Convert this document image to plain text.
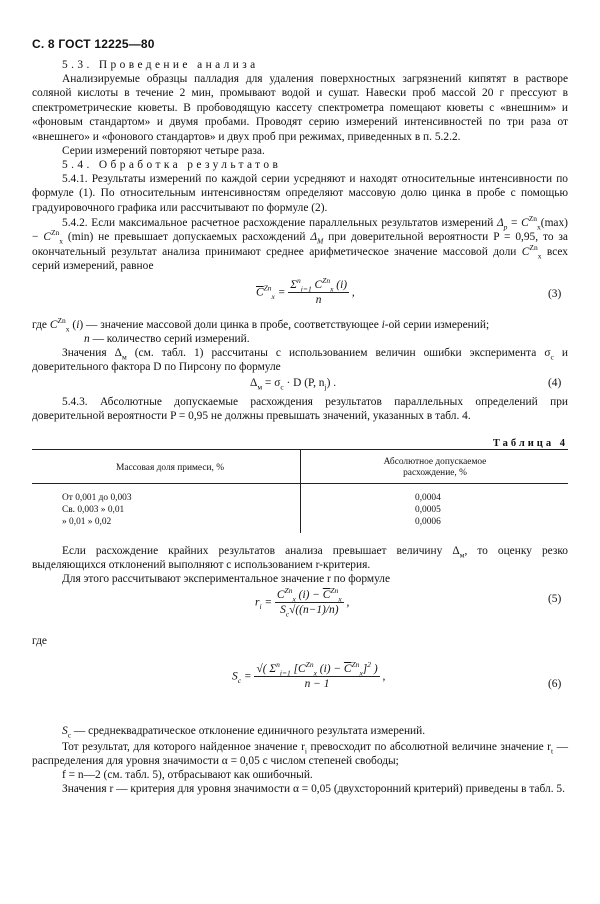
С. 8 ГОСТ 12225—80
5.3. Проведение анализа
Анализируемые образцы палладия для удаления поверхностных загрязнений кипятят в растворе соляной кислоты в течение 2 мин, промывают водой и сушат. Навески проб массой 20 г прессуют в спектрометрические кюветы. В пробоводящую кассету спектрометра помещают кюветы с «внешним» и «фоновым стандартом» и двумя пробами. Проводят серию измерений интенсивностей по три раза от «внешнего» и «фонового стандартов» и двух проб при режимах, приведенных в п. 5.2.2.
Серии измерений повторяют четыре раза.
5.4. Обработка результатов
5.4.1. Результаты измерений по каждой серии усредняют и находят относительные интенсивности по формуле (1). По относительным интенсивностям определяют массовую долю цинка в пробе с помощью градуировочного графика или рассчитывают по формуле (2).
5.4.2. Если максимальное расчетное расхождение параллельных результатов измерений $\Delta_p = C^{Zn}_x(\max) - C^{Zn}_x$ (min) не превышает допускаемых расхождений $\Delta_M$ при доверительной вероятности P = 0,95, то за окончательный результат анализа принимают среднее арифметическое значение массовой доли $C^{Zn}_x$ всех серий измерений, равное
$\overline{C}^{Zn}_x = \frac{\Sigma^n_{i=1} C^{Zn}_x (i)}{n}$ ,	(3)
где $C^{Zn}_x$ (i) — значение массовой доли цинка в пробе, соответствующее i-ой серии измерений;
n — количество серий измерений.
Значения $\Delta_м$ (см. табл. 1) рассчитаны с использованием величин ошибки эксперимента $\sigma_c$ и доверительного фактора D по Пирсону по формуле
$\Delta_м = \sigma_c \cdot D$ (P, $n_j$) .	(4)
5.4.3. Абсолютные допускаемые расхождения результатов параллельных определений при доверительной вероятности P = 0,95 не должны превышать значений, указанных в табл. 4.
Таблица 4
Массовая доля примеси, %
Абсолютное допускаемое расхождение, %
От 0,001 до 0,003	0,0004
Св. 0,003 » 0,01	0,0005
» 0,01 » 0,02	0,0006
Если расхождение крайних результатов анализа превышает величину $\Delta_м$, то оценку резко выделяющихся отклонений выполняют с использованием r-критерия.
Для этого рассчитывают экспериментальное значение r по формуле
$r_i = \frac{C^{Zn}_x (i) - \overline{C}^{Zn}_x}{S_c√((n-1)/n)}$ ,	(5)
где
$S_c = \frac{√( \Sigma^n_{i=1} [C^{Zn}_x (i) - \overline{C}^{Zn}_x]^2 )}{n - 1}$ ,
(6)
$S_c$ — среднеквадратическое отклонение единичного результата измерений.
Тот результат, для которого найденное значение $r_i$ превосходит по абсолютной величине значение $r_t$ — распределения для уровня значимости α = 0,05 с числом степеней свободы;
f = n—2 (см. табл. 5), отбрасывают как ошибочный.
Значения r — критерия для уровня значимости α = 0,05 (двухсторонний критерий) приведены в табл. 5.
